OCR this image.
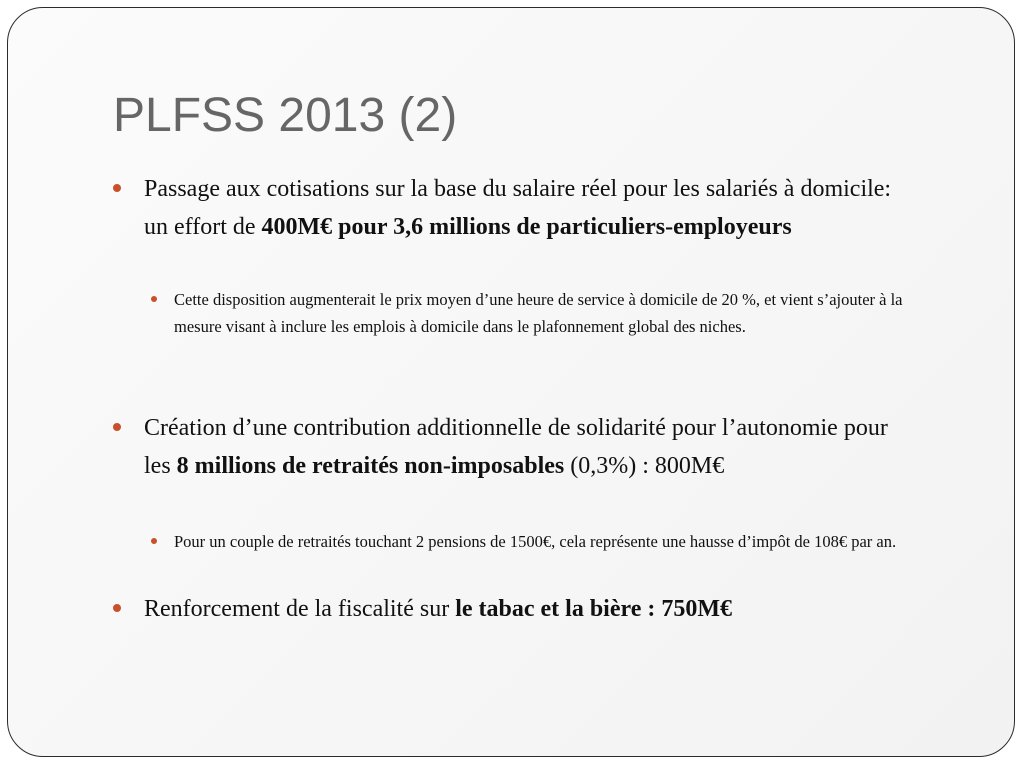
PLFSS 2013 (2)
Passage aux cotisations sur la base du salaire réel pour les salariés à domicile: un effort de 400M€ pour 3,6 millions de particuliers-employeurs
Cette disposition augmenterait le prix moyen d’une heure de service à domicile de 20 %, et vient s’ajouter à la mesure visant à inclure les emplois à domicile dans le plafonnement global des niches.
Création d’une contribution additionnelle de solidarité pour l’autonomie pour les 8 millions de retraités non-imposables (0,3%) : 800M€
Pour un couple de retraités touchant 2 pensions de 1500€, cela représente une hausse d’impôt de 108€ par an.
Renforcement de la fiscalité sur le tabac et la bière : 750M€
